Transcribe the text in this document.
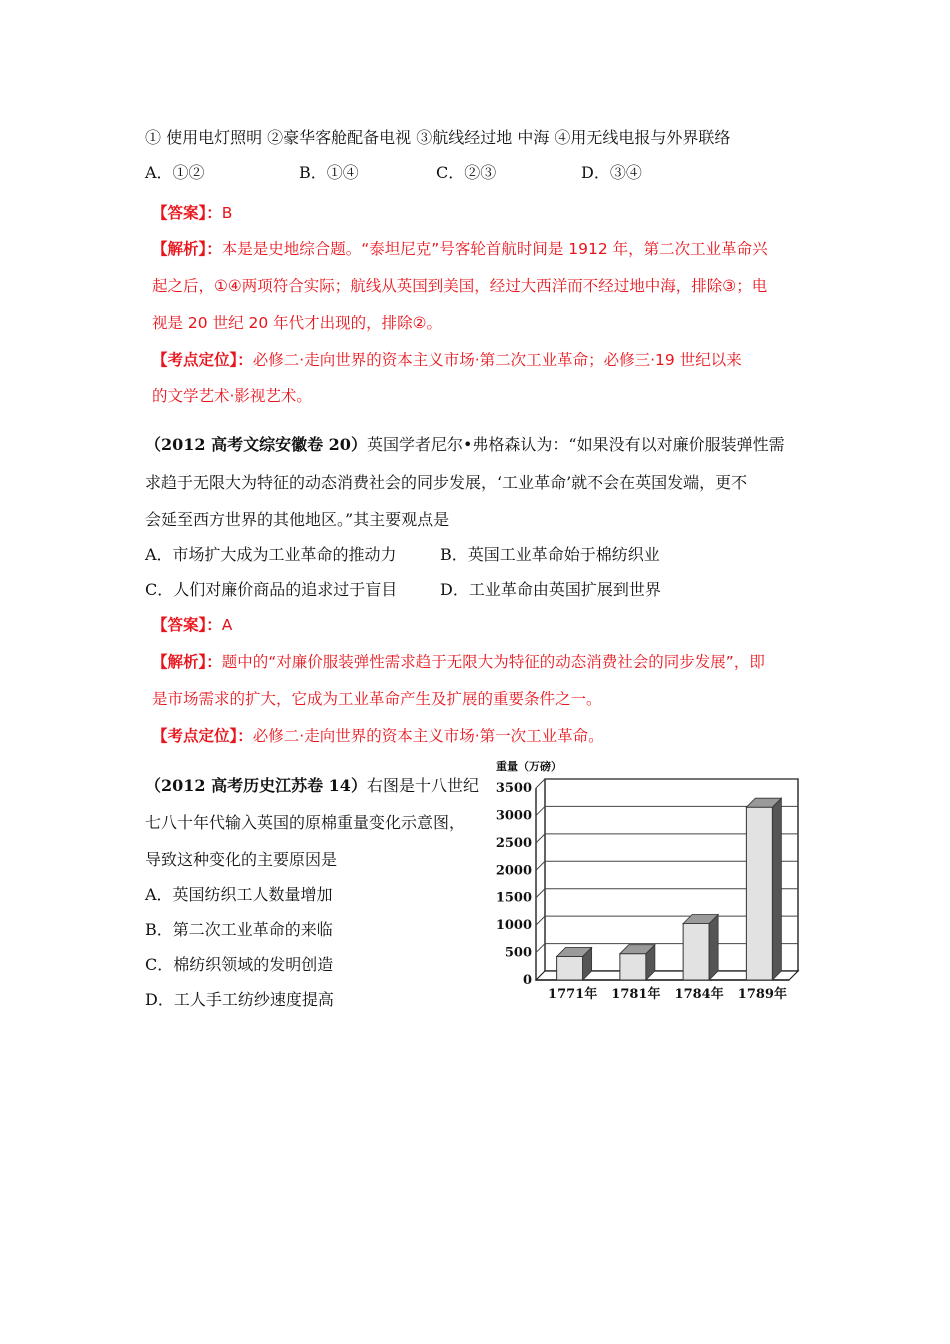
① 使用电灯照明 ②豪华客舱配备电视 ③航线经过地 中海 ④用无线电报与外界联络
A．①②	B．①④	C．②③	D．③④
【答案】：B
【解析】：本是是史地综合题。“泰坦尼克”号客轮首航时间是 1912 年，第二次工业革命兴
起之后，①④两项符合实际；航线从英国到美国，经过大西洋而不经过地中海，排除③；电
视是 20 世纪 20 年代才出现的，排除②。
【考点定位】：必修二·走向世界的资本主义市场·第二次工业革命；必修三·19 世纪以来
的文学艺术·影视艺术。
（2012 高考文综安徽卷 20）英国学者尼尔•弗格森认为：“如果没有以对廉价服装弹性需
求趋于无限大为特征的动态消费社会的同步发展，‘工业革命’就不会在英国发端，更不
会延至西方世界的其他地区。”其主要观点是
A．市场扩大成为工业革命的推动力	B．英国工业革命始于棉纺织业
C．人们对廉价商品的追求过于盲目	D．工业革命由英国扩展到世界
【答案】：A
【解析】：题中的“对廉价服装弹性需求趋于无限大为特征的动态消费社会的同步发展”，即
是市场需求的扩大，它成为工业革命产生及扩展的重要条件之一。
【考点定位】：必修二·走向世界的资本主义市场·第一次工业革命。
（2012 高考历史江苏卷 14）右图是十八世纪
七八十年代输入英国的原棉重量变化示意图，
导致这种变化的主要原因是
A．英国纺织工人数量增加
B．第二次工业革命的来临
C．棉纺织领域的发明创造
D．工人手工纺纱速度提高
重量（万磅）
0
500
1000
1500
2000
2500
3000
3500
1771年 1781年 1784年 1789年
